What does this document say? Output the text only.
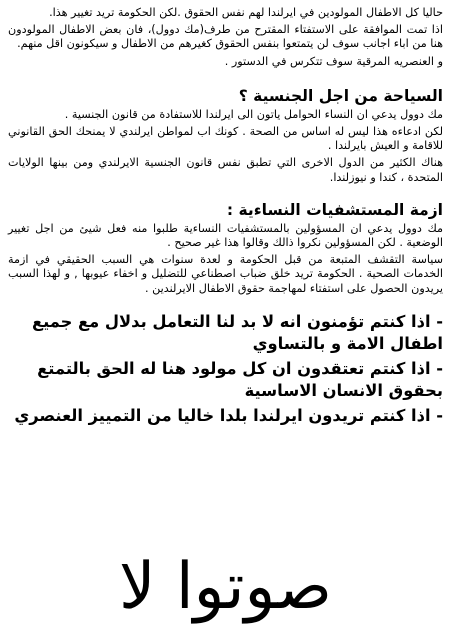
حاليا كل الاطفال المولودين في ايرلندا لهم نفس الحقوق .لكن الحكومة تريد تغيير هذا.

اذا تمت الموافقة على الاستفتاء المقترح من طرف(مك دوول)، فان بعض الاطفال المولودون هنا من اباء اجانب سوف لن يتمتعوا بنفس الحقوق كغيرهم من الاطفال و سيكونون اقل منهم.

و العنصريه المرقية سوف تتكرس في الدستور .

السياحة من اجل الجنسية ؟

مك دوول يدعي ان النساء الحوامل ياتون الى ايرلندا للاستفادة من قانون الجنسية .

لكن ادعاءه هذا ليس له اساس من الصحة . كونك اب لمواطن ايرلندي لا يمنحك الحق القانوني للاقامة و العيش بايرلندا .

هناك الكثير من الدول الاخرى التي تطبق نفس قانون الجنسية الايرلندي ومن بينها الولايات المتحدة ، كندا و نيوزلندا.

ازمة المستشفيات النساءية :

مك دوول يدعي ان المسؤولين بالمستشفيات النساءية طلبوا منه فعل شيئ من اجل تغيير الوضعية . لكن المسؤولين نكروا ذالك وقالوا هذا غير صحيح .

سياسة التقشف المتبعة من قبل الحكومة و لعدة سنوات هي السبب الحقيقي في ازمة الخدمات الصحية . الحكومة تريد خلق ضباب اصطناعي للتضليل و اخفاء عيوبها , و لهذا السبب يريدون الحصول على استفتاء لمهاجمة حقوق الاطفال الايرلندين .

- اذا كنتم تؤمنون انه لا بد لنا التعامل بدلال مع جميع اطفال الامة و بالتساوي

- اذا كنتم تعتقدون ان كل مولود هنا له الحق بالتمتع بحقوق الانسان الاساسية

- اذا كنتم تريدون ايرلندا بلدا خاليا من التمييز العنصري

صوتوا لا
